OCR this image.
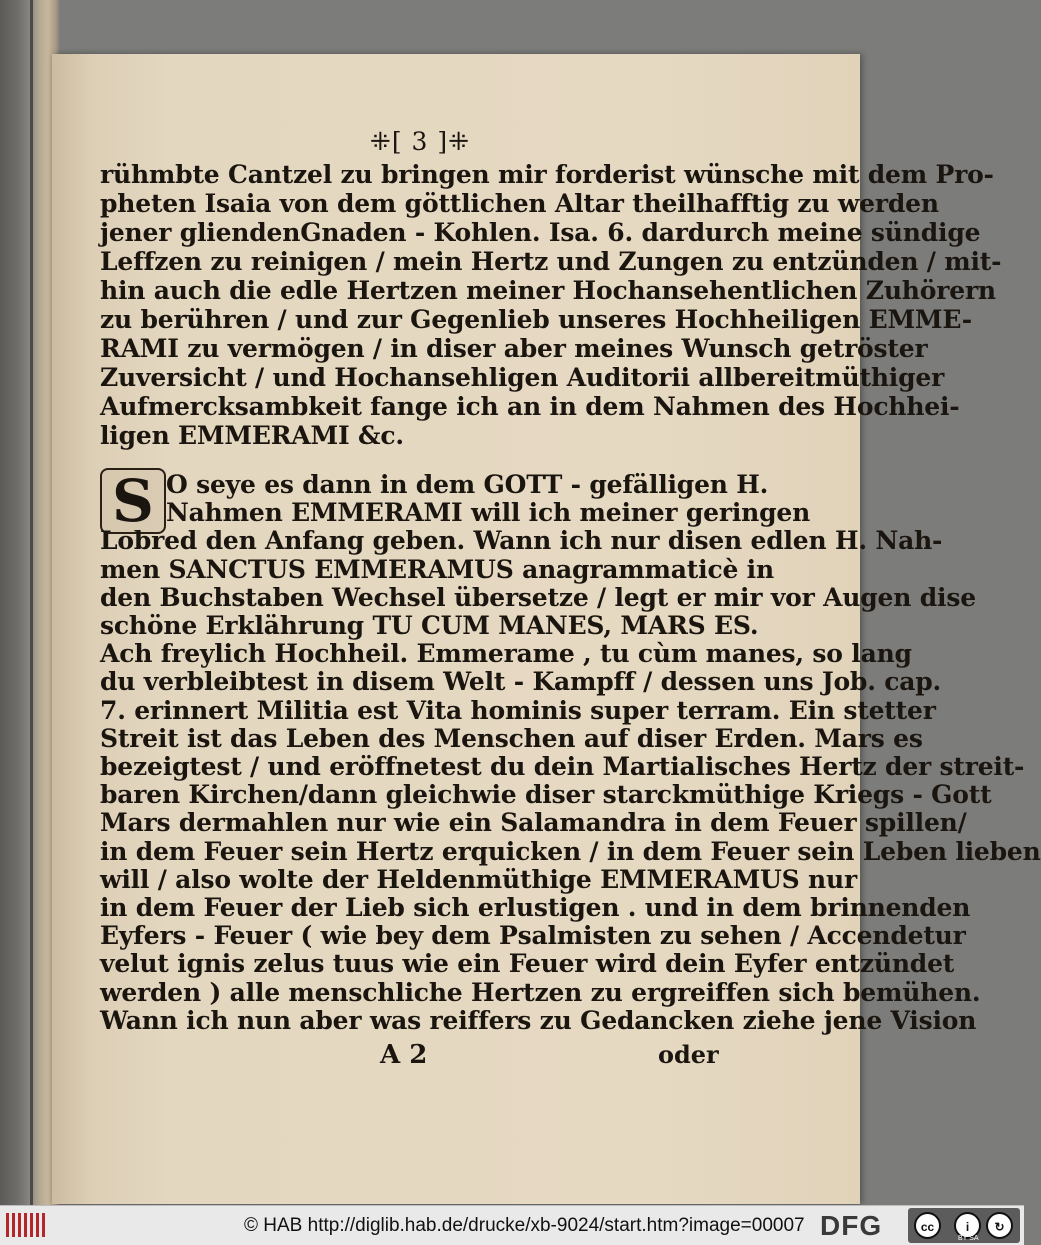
⁜[ 3 ]⁜
rühmbte Cantzel zu bringen mir forderist wünsche mit dem Pro-
pheten Isaia von dem göttlichen Altar theilhafftig zu werden
jener gliendenGnaden - Kohlen. Isa. 6. dardurch meine sündige
Leffzen zu reinigen / mein Hertz und Zungen zu entzünden / mit-
hin auch die edle Hertzen meiner Hochansehentlichen Zuhörern
zu berühren / und zur Gegenlieb unseres Hochheiligen EMME-
RAMI zu vermögen / in diser aber meines Wunsch getröster
Zuversicht / und Hochansehligen Auditorii allbereitmüthiger
Aufmercksambkeit fange ich an in dem Nahmen des Hochhei-
ligen EMMERAMI &c.
S O seye es dann in dem GOTT - gefälligen H.
Nahmen EMMERAMI will ich meiner geringen
Lobred den Anfang geben. Wann ich nur disen edlen H. Nah-
men SANCTUS EMMERAMUS anagrammaticè in
den Buchstaben Wechsel übersetze / legt er mir vor Augen dise
schöne Erklährung TU CUM MANES, MARS ES.
Ach freylich Hochheil. Emmerame , tu cùm manes, so lang
du verbleibtest in disem Welt - Kampff / dessen uns Job. cap.
7. erinnert Militia est Vita hominis super terram. Ein stetter
Streit ist das Leben des Menschen auf diser Erden. Mars es
bezeigtest / und eröffnetest du dein Martialisches Hertz der streit-
baren Kirchen/dann gleichwie diser starckmüthige Kriegs - Gott
Mars dermahlen nur wie ein Salamandra in dem Feuer spillen/
in dem Feuer sein Hertz erquicken / in dem Feuer sein Leben lieben
will / also wolte der Heldenmüthige EMMERAMUS nur
in dem Feuer der Lieb sich erlustigen . und in dem brinnenden
Eyfers - Feuer ( wie bey dem Psalmisten zu sehen / Accendetur
velut ignis zelus tuus wie ein Feuer wird dein Eyfer entzündet
werden ) alle menschliche Hertzen zu ergreiffen sich bemühen.
Wann ich nun aber was reiffers zu Gedancken ziehe jene Vision
A 2	oder
© HAB http://diglib.hab.de/drucke/xb-9024/start.htm?image=00007 DFG	cc	i	↻
BY SA
